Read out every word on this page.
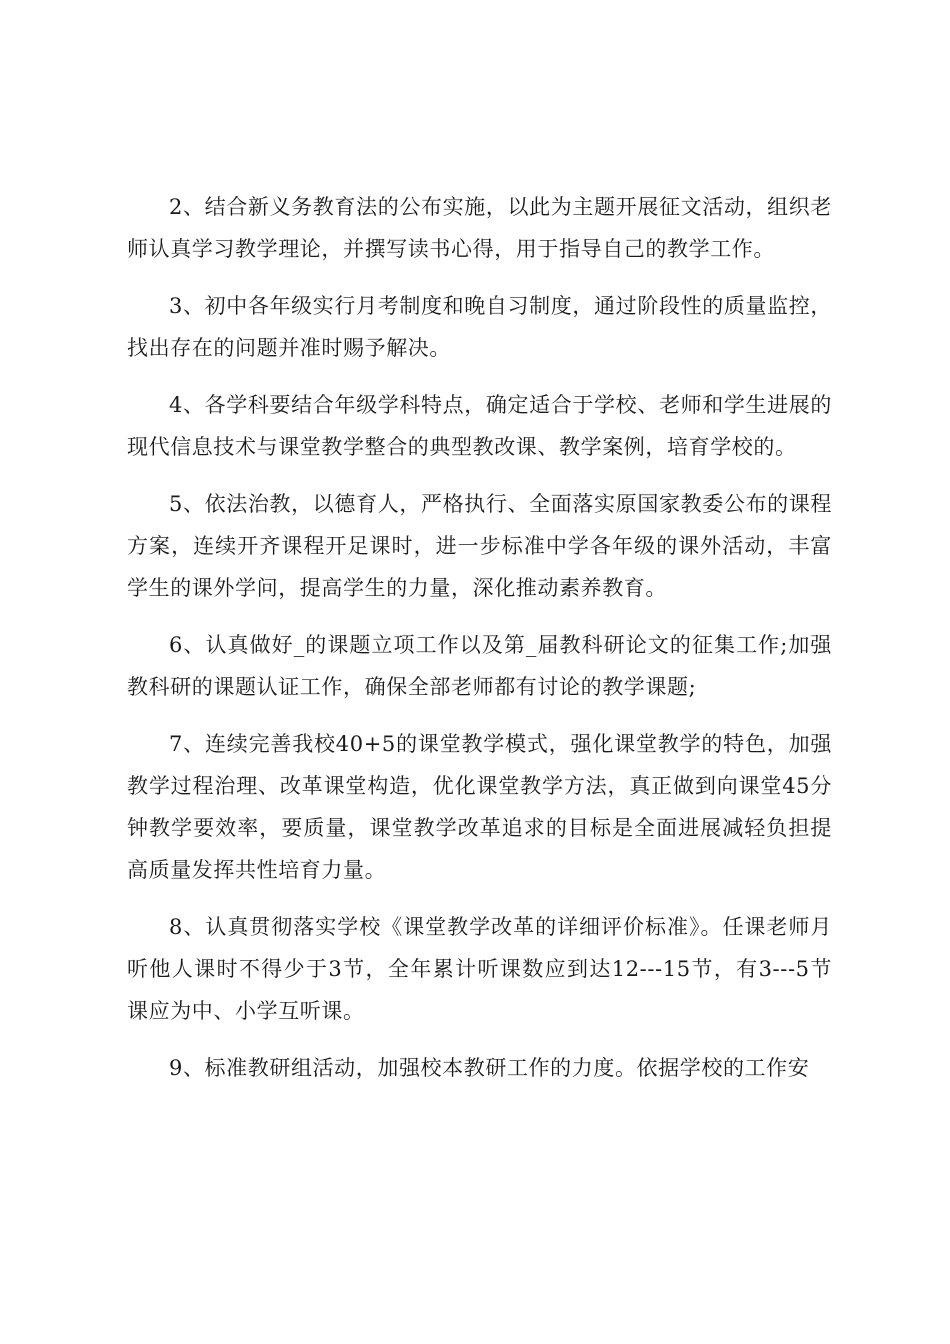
2、结合新义务教育法的公布实施，以此为主题开展征文活动，组织老师认真学习教学理论，并撰写读书心得，用于指导自己的教学工作。

3、初中各年级实行月考制度和晚自习制度，通过阶段性的质量监控，找出存在的问题并准时赐予解决。

4、各学科要结合年级学科特点，确定适合于学校、老师和学生进展的现代信息技术与课堂教学整合的典型教改课、教学案例，培育学校的。

5、依法治教，以德育人，严格执行、全面落实原国家教委公布的课程方案，连续开齐课程开足课时，进一步标准中学各年级的课外活动，丰富学生的课外学问，提高学生的力量，深化推动素养教育。

6、认真做好_的课题立项工作以及第_届教科研论文的征集工作;加强教科研的课题认证工作，确保全部老师都有讨论的教学课题;

7、连续完善我校40+5的课堂教学模式，强化课堂教学的特色，加强教学过程治理、改革课堂构造，优化课堂教学方法，真正做到向课堂45分钟教学要效率，要质量，课堂教学改革追求的目标是全面进展减轻负担提高质量发挥共性培育力量。

8、认真贯彻落实学校《课堂教学改革的详细评价标准》。任课老师月听他人课时不得少于3节，全年累计听课数应到达12---15节，有3---5节课应为中、小学互听课。

9、标准教研组活动，加强校本教研工作的力度。依据学校的工作安
